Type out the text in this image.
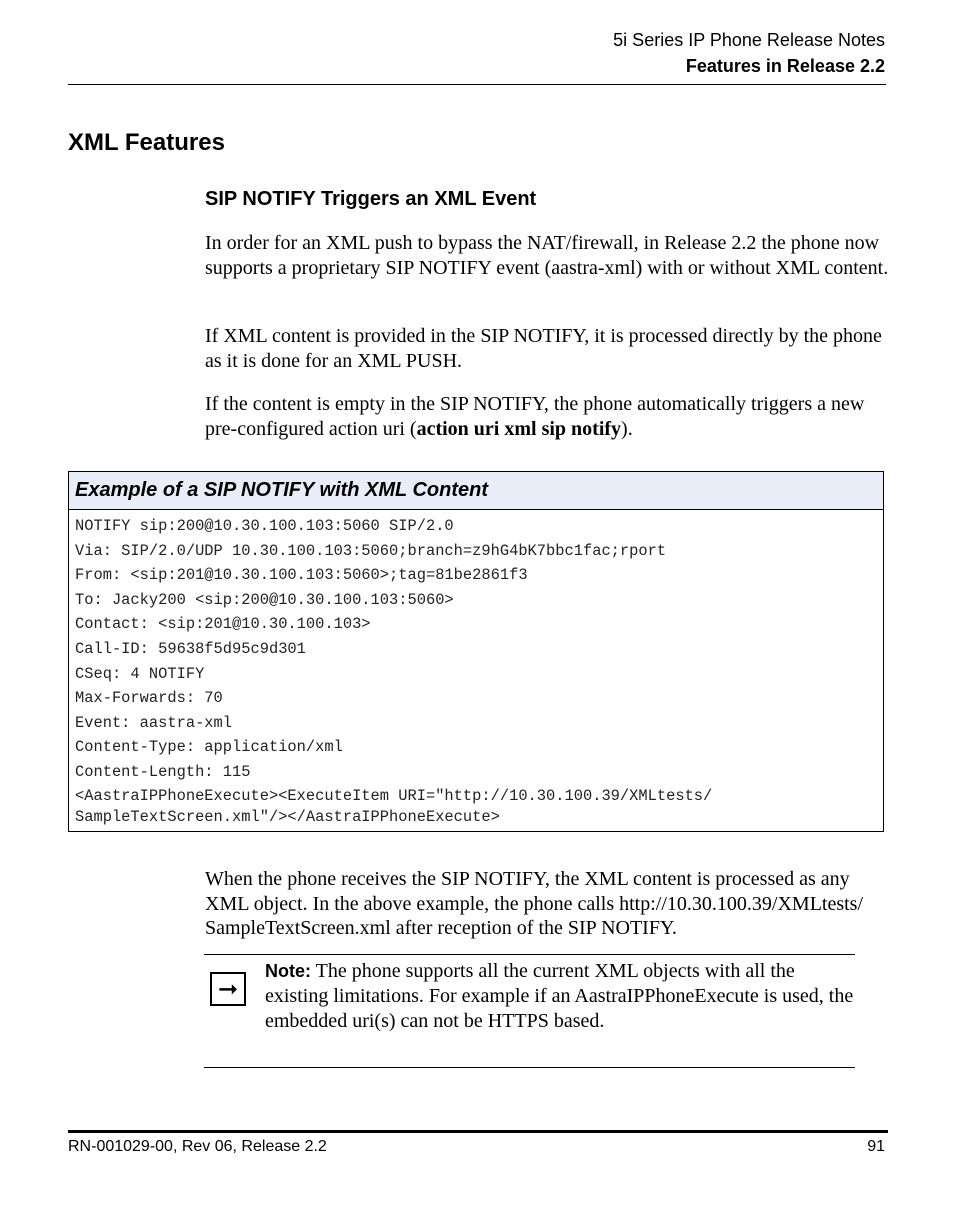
5i Series IP Phone Release Notes
Features in Release 2.2
XML Features
SIP NOTIFY Triggers an XML Event
In order for an XML push to bypass the NAT/firewall, in Release 2.2 the phone now supports a proprietary SIP NOTIFY event (aastra-xml) with or without XML content.
If XML content is provided in the SIP NOTIFY, it is processed directly by the phone as it is done for an XML PUSH.
If the content is empty in the SIP NOTIFY, the phone automatically triggers a new pre-configured action uri (action uri xml sip notify).
Example of a SIP NOTIFY with XML Content
NOTIFY sip:200@10.30.100.103:5060 SIP/2.0
Via: SIP/2.0/UDP 10.30.100.103:5060;branch=z9hG4bK7bbc1fac;rport
From: <sip:201@10.30.100.103:5060>;tag=81be2861f3
To: Jacky200 <sip:200@10.30.100.103:5060>
Contact: <sip:201@10.30.100.103>
Call-ID: 59638f5d95c9d301
CSeq: 4 NOTIFY
Max-Forwards: 70
Event: aastra-xml
Content-Type: application/xml
Content-Length: 115
<AastraIPPhoneExecute><ExecuteItem URI="http://10.30.100.39/XMLtests/
SampleTextScreen.xml"/></AastraIPPhoneExecute>
When the phone receives the SIP NOTIFY, the XML content is processed as any XML object. In the above example, the phone calls http://10.30.100.39/XMLtests/ SampleTextScreen.xml after reception of the SIP NOTIFY.
➞
Note: The phone supports all the current XML objects with all the existing limitations. For example if an AastraIPPhoneExecute is used, the embedded uri(s) can not be HTTPS based.
RN-001029-00, Rev 06, Release 2.2	91
